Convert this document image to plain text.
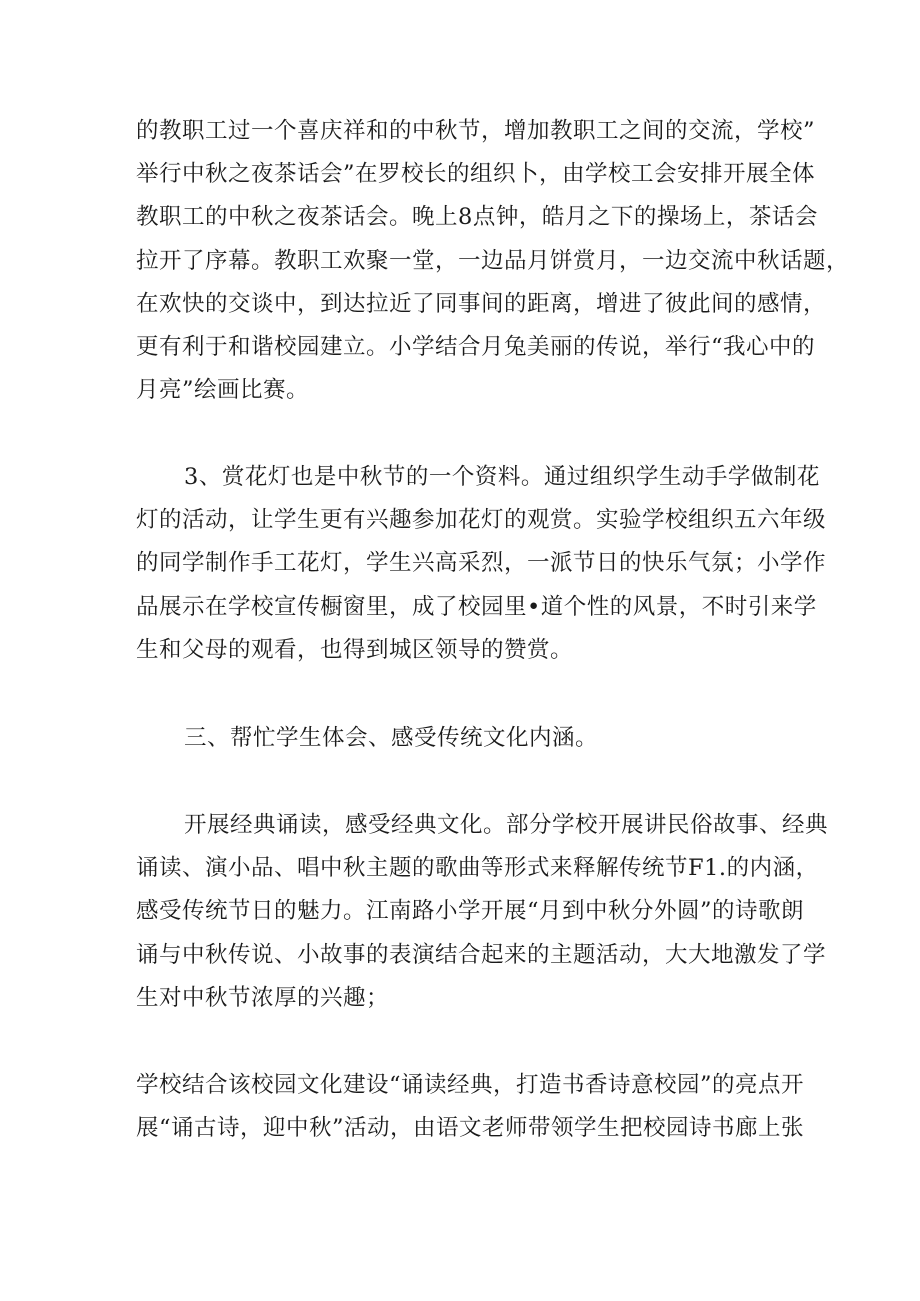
的教职工过一个喜庆祥和的中秋节，增加教职工之间的交流，学校”
举行中秋之夜茶话会”在罗校长的组织卜，由学校工会安排开展全体
教职工的中秋之夜茶话会。晚上8点钟，皓月之下的操场上，茶话会
拉开了序幕。教职工欢聚一堂，一边品月饼赏月，一边交流中秋话题，
在欢快的交谈中，到达拉近了同事间的距离，增进了彼此间的感情，
更有利于和谐校园建立。小学结合月兔美丽的传说，举行“我心中的
月亮”绘画比赛。

3、赏花灯也是中秋节的一个资料。通过组织学生动手学做制花
灯的活动，让学生更有兴趣参加花灯的观赏。实验学校组织五六年级
的同学制作手工花灯，学生兴高采烈，一派节日的快乐气氛；小学作
品展示在学校宣传橱窗里，成了校园里•道个性的风景，不时引来学
生和父母的观看，也得到城区领导的赞赏。

三、帮忙学生体会、感受传统文化内涵。

开展经典诵读，感受经典文化。部分学校开展讲民俗故事、经典
诵读、演小品、唱中秋主题的歌曲等形式来释解传统节F1.的内涵，
感受传统节日的魅力。江南路小学开展“月到中秋分外圆”的诗歌朗
诵与中秋传说、小故事的表演结合起来的主题活动，大大地激发了学
生对中秋节浓厚的兴趣；

学校结合该校园文化建设“诵读经典，打造书香诗意校园”的亮点开
展“诵古诗，迎中秋”活动，由语文老师带领学生把校园诗书廊上张
